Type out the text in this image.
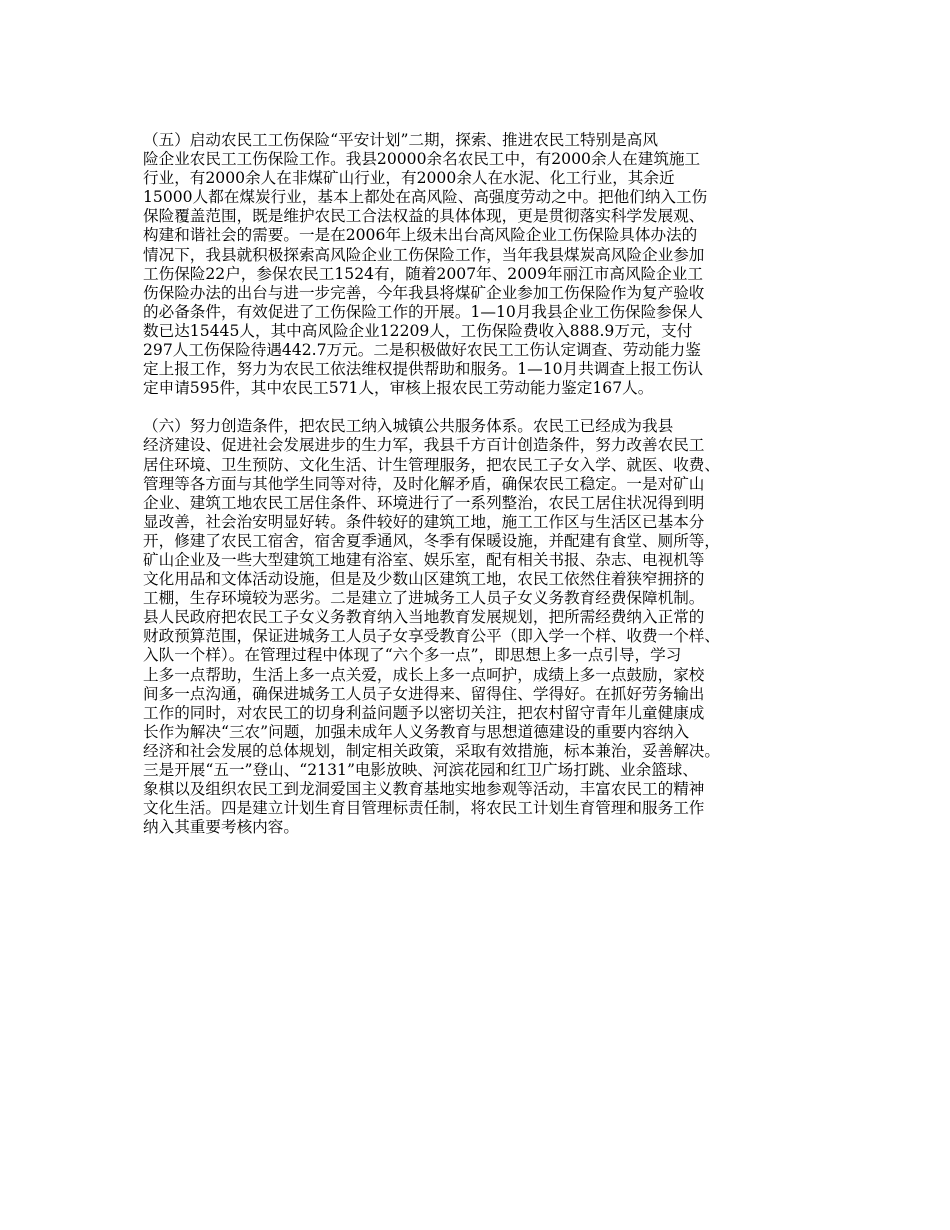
（五）启动农民工工伤保险“平安计划”二期，探索、推进农民工特别是高风
险企业农民工工伤保险工作。我县20000余名农民工中，有2000余人在建筑施工
行业，有2000余人在非煤矿山行业，有2000余人在水泥、化工行业，其余近
15000人都在煤炭行业，基本上都处在高风险、高强度劳动之中。把他们纳入工伤
保险覆盖范围，既是维护农民工合法权益的具体体现，更是贯彻落实科学发展观、
构建和谐社会的需要。一是在2006年上级未出台高风险企业工伤保险具体办法的
情况下，我县就积极探索高风险企业工伤保险工作，当年我县煤炭高风险企业参加
工伤保险22户，参保农民工1524有，随着2007年、2009年丽江市高风险企业工
伤保险办法的出台与进一步完善，今年我县将煤矿企业参加工伤保险作为复产验收
的必备条件，有效促进了工伤保险工作的开展。1—10月我县企业工伤保险参保人
数已达15445人，其中高风险企业12209人，工伤保险费收入888.9万元，支付
297人工伤保险待遇442.7万元。二是积极做好农民工工伤认定调查、劳动能力鉴
定上报工作，努力为农民工依法维权提供帮助和服务。1—10月共调查上报工伤认
定申请595件，其中农民工571人，审核上报农民工劳动能力鉴定167人。
（六）努力创造条件，把农民工纳入城镇公共服务体系。农民工已经成为我县
经济建设、促进社会发展进步的生力军，我县千方百计创造条件，努力改善农民工
居住环境、卫生预防、文化生活、计生管理服务，把农民工子女入学、就医、收费、
管理等各方面与其他学生同等对待，及时化解矛盾，确保农民工稳定。一是对矿山
企业、建筑工地农民工居住条件、环境进行了一系列整治，农民工居住状况得到明
显改善，社会治安明显好转。条件较好的建筑工地，施工工作区与生活区已基本分
开，修建了农民工宿舍，宿舍夏季通风，冬季有保暖设施，并配建有食堂、厕所等，
矿山企业及一些大型建筑工地建有浴室、娱乐室，配有相关书报、杂志、电视机等
文化用品和文体活动设施，但是及少数山区建筑工地，农民工依然住着狭窄拥挤的
工棚，生存环境较为恶劣。二是建立了进城务工人员子女义务教育经费保障机制。
县人民政府把农民工子女义务教育纳入当地教育发展规划，把所需经费纳入正常的
财政预算范围，保证进城务工人员子女享受教育公平（即入学一个样、收费一个样、
入队一个样）。在管理过程中体现了“六个多一点”，即思想上多一点引导，学习
上多一点帮助，生活上多一点关爱，成长上多一点呵护，成绩上多一点鼓励，家校
间多一点沟通，确保进城务工人员子女进得来、留得住、学得好。在抓好劳务输出
工作的同时，对农民工的切身利益问题予以密切关注，把农村留守青年儿童健康成
长作为解决“三农”问题，加强未成年人义务教育与思想道德建设的重要内容纳入
经济和社会发展的总体规划，制定相关政策，采取有效措施，标本兼治，妥善解决。
三是开展“五一”登山、“2131”电影放映、河滨花园和红卫广场打跳、业余篮球、
象棋以及组织农民工到龙洞爱国主义教育基地实地参观等活动，丰富农民工的精神
文化生活。四是建立计划生育目管理标责任制，将农民工计划生育管理和服务工作
纳入其重要考核内容。
